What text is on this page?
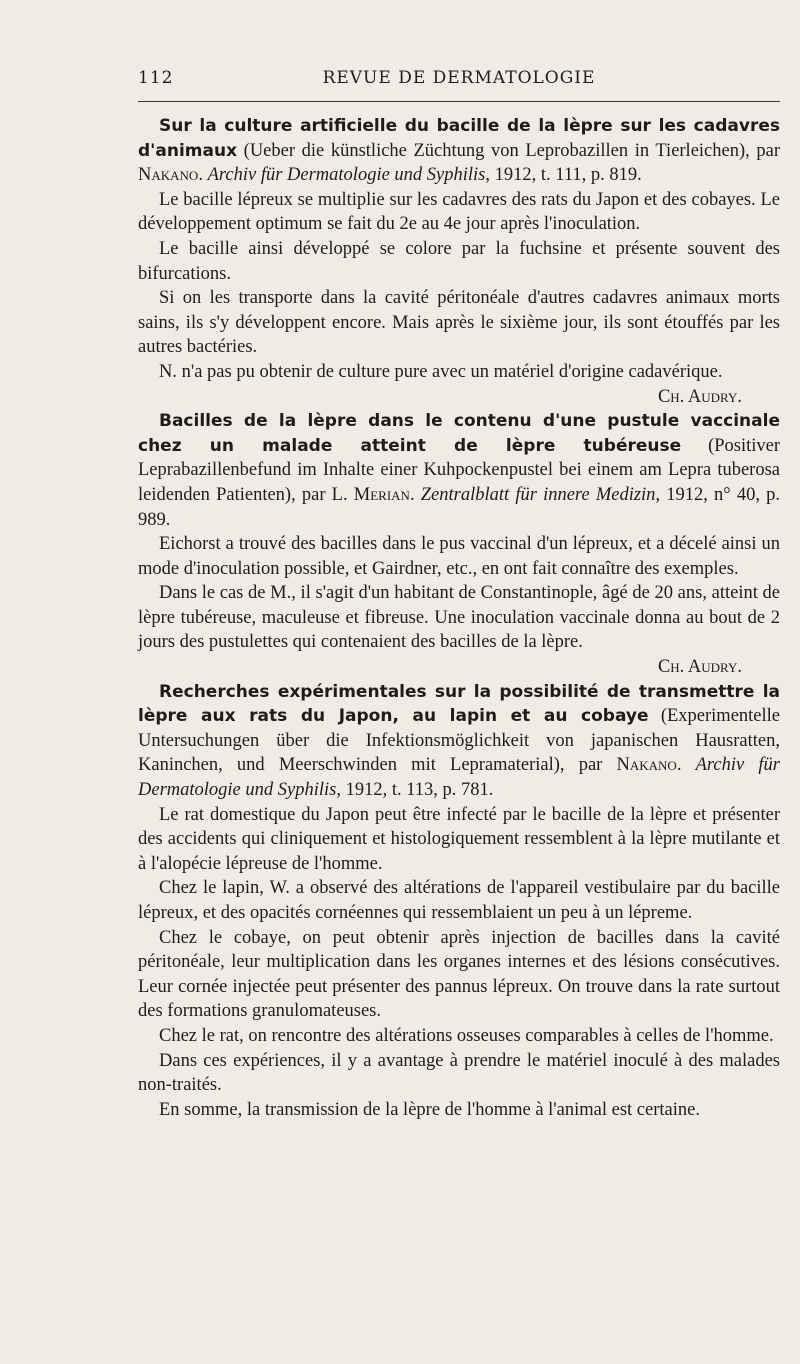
112	REVUE DE DERMATOLOGIE

Sur la culture artificielle du bacille de la lèpre sur les cadavres d'animaux (Ueber die künstliche Züchtung von Leprobazillen in Tierleichen), par Nakano. Archiv für Dermatologie und Syphilis, 1912, t. 111, p. 819.

Le bacille lépreux se multiplie sur les cadavres des rats du Japon et des cobayes. Le développement optimum se fait du 2e au 4e jour après l'inoculation.

Le bacille ainsi développé se colore par la fuchsine et présente souvent des bifurcations.

Si on les transporte dans la cavité péritonéale d'autres cadavres animaux morts sains, ils s'y développent encore. Mais après le sixième jour, ils sont étouffés par les autres bactéries.

N. n'a pas pu obtenir de culture pure avec un matériel d'origine cadavérique.

Ch. Audry.

Bacilles de la lèpre dans le contenu d'une pustule vaccinale chez un malade atteint de lèpre tubéreuse (Positiver Leprabazillenbefund im Inhalte einer Kuhpockenpustel bei einem am Lepra tuberosa leidenden Patienten), par L. Merian. Zentralblatt für innere Medizin, 1912, n° 40, p. 989.

Eichorst a trouvé des bacilles dans le pus vaccinal d'un lépreux, et a décelé ainsi un mode d'inoculation possible, et Gairdner, etc., en ont fait connaître des exemples.

Dans le cas de M., il s'agit d'un habitant de Constantinople, âgé de 20 ans, atteint de lèpre tubéreuse, maculeuse et fibreuse. Une inoculation vaccinale donna au bout de 2 jours des pustulettes qui contenaient des bacilles de la lèpre.

Ch. Audry.

Recherches expérimentales sur la possibilité de transmettre la lèpre aux rats du Japon, au lapin et au cobaye (Experimentelle Untersuchungen über die Infektionsmöglichkeit von japanischen Hausratten, Kaninchen, und Meerschwinden mit Lepramaterial), par Nakano. Archiv für Dermatologie und Syphilis, 1912, t. 113, p. 781.

Le rat domestique du Japon peut être infecté par le bacille de la lèpre et présenter des accidents qui cliniquement et histologiquement ressemblent à la lèpre mutilante et à l'alopécie lépreuse de l'homme.

Chez le lapin, W. a observé des altérations de l'appareil vestibulaire par du bacille lépreux, et des opacités cornéennes qui ressemblaient un peu à un lépreme.

Chez le cobaye, on peut obtenir après injection de bacilles dans la cavité péritonéale, leur multiplication dans les organes internes et des lésions consécutives. Leur cornée injectée peut présenter des pannus lépreux. On trouve dans la rate surtout des formations granulomateuses.

Chez le rat, on rencontre des altérations osseuses comparables à celles de l'homme.

Dans ces expériences, il y a avantage à prendre le matériel inoculé à des malades non-traités.

En somme, la transmission de la lèpre de l'homme à l'animal est certaine.
